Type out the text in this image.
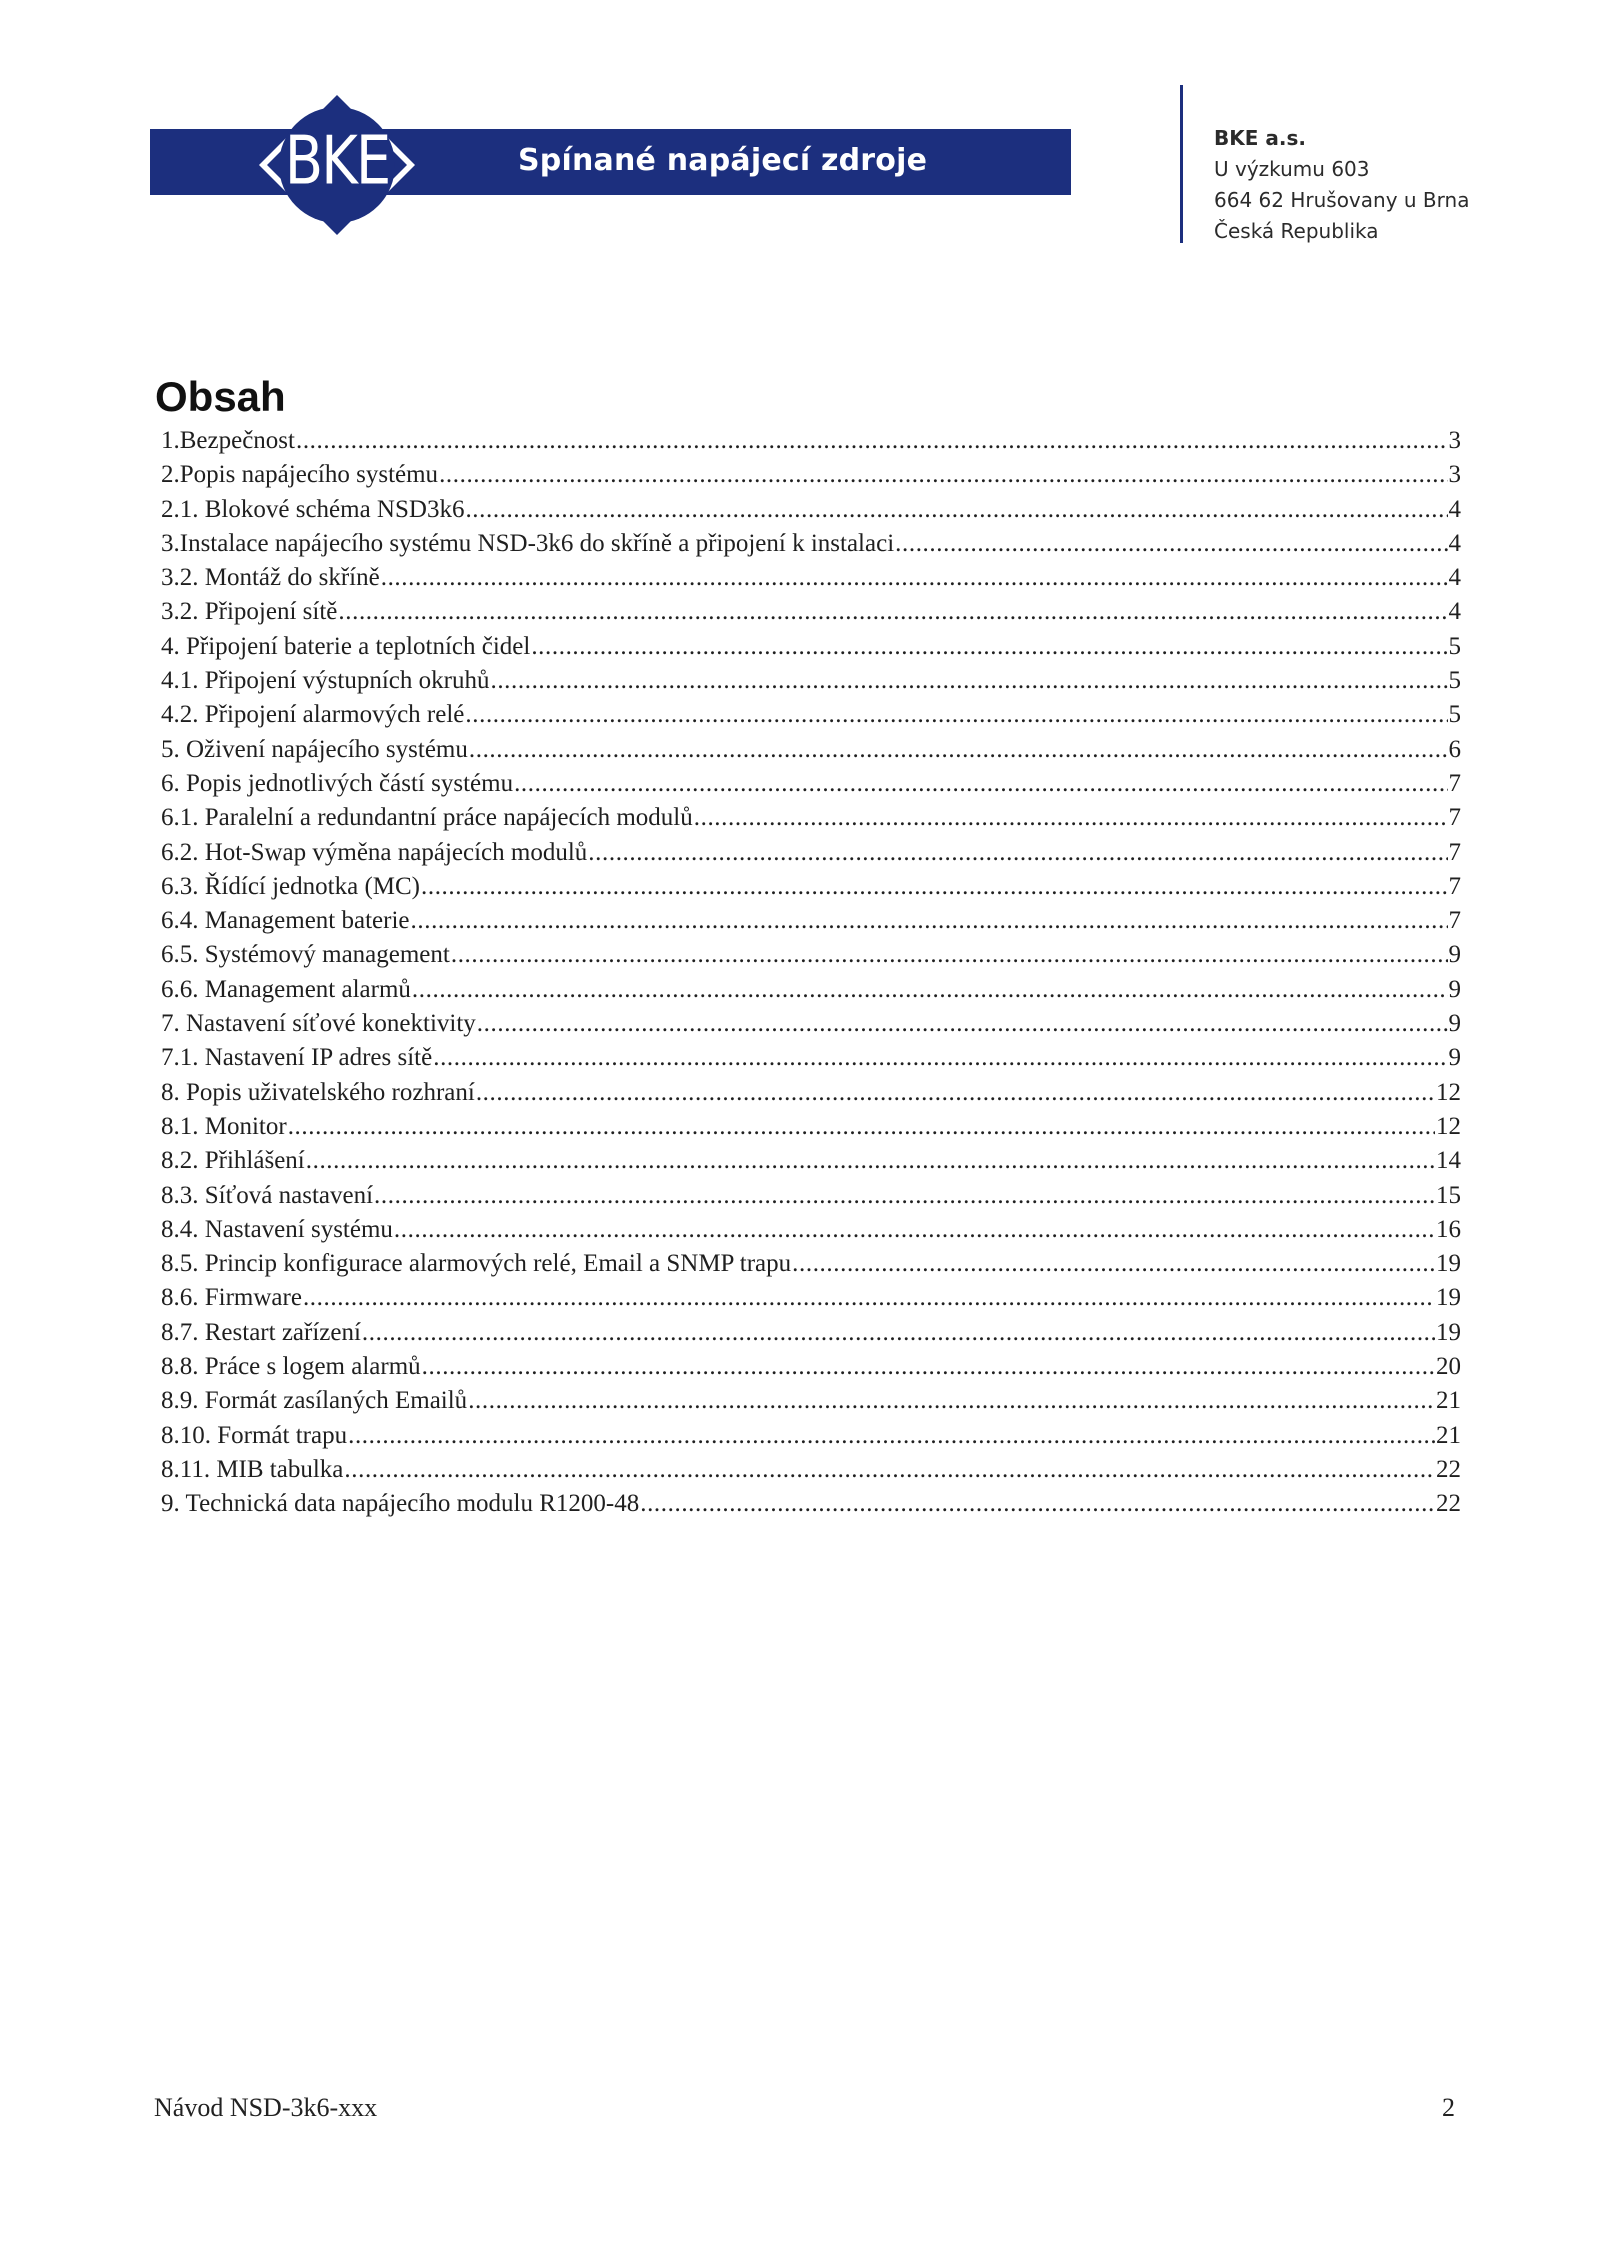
Spínané napájecí zdroje
BKE	BKE a.s.
U výzkumu 603
664 62 Hrušovany u Brna
Česká Republika
Obsah
1.Bezpečnost .....	3
2.Popis napájecího systému .....	3
2.1. Blokové schéma NSD3k6 .....	4
3.Instalace napájecího systému NSD-3k6 do skříně a připojení k instalaci .....	4
3.2. Montáž do skříně .....	4
3.2. Připojení sítě .....	4
4. Připojení baterie a teplotních čidel .....	5
4.1. Připojení výstupních okruhů .....	5
4.2. Připojení alarmových relé .....	5
5. Oživení napájecího systému .....	6
6. Popis jednotlivých částí systému .....	7
6.1. Paralelní a redundantní práce napájecích modulů .....	7
6.2. Hot-Swap výměna napájecích modulů .....	7
6.3. Řídící jednotka (MC) .....	7
6.4. Management baterie .....	7
6.5. Systémový management .....	9
6.6. Management alarmů .....	9
7. Nastavení síťové konektivity .....	9
7.1. Nastavení IP adres sítě .....	9
8. Popis uživatelského rozhraní .....	12
8.1. Monitor .....	12
8.2. Přihlášení .....	14
8.3. Síťová nastavení .....	15
8.4. Nastavení systému .....	16
8.5. Princip konfigurace alarmových relé, Email a SNMP trapu .....	19
8.6. Firmware .....	19
8.7. Restart zařízení .....	19
8.8. Práce s logem alarmů .....	20
8.9. Formát zasílaných Emailů .....	21
8.10. Formát trapu .....	21
8.11. MIB tabulka .....	22
9. Technická data napájecího modulu R1200-48 .....	22
Návod NSD-3k6-xxx	2
